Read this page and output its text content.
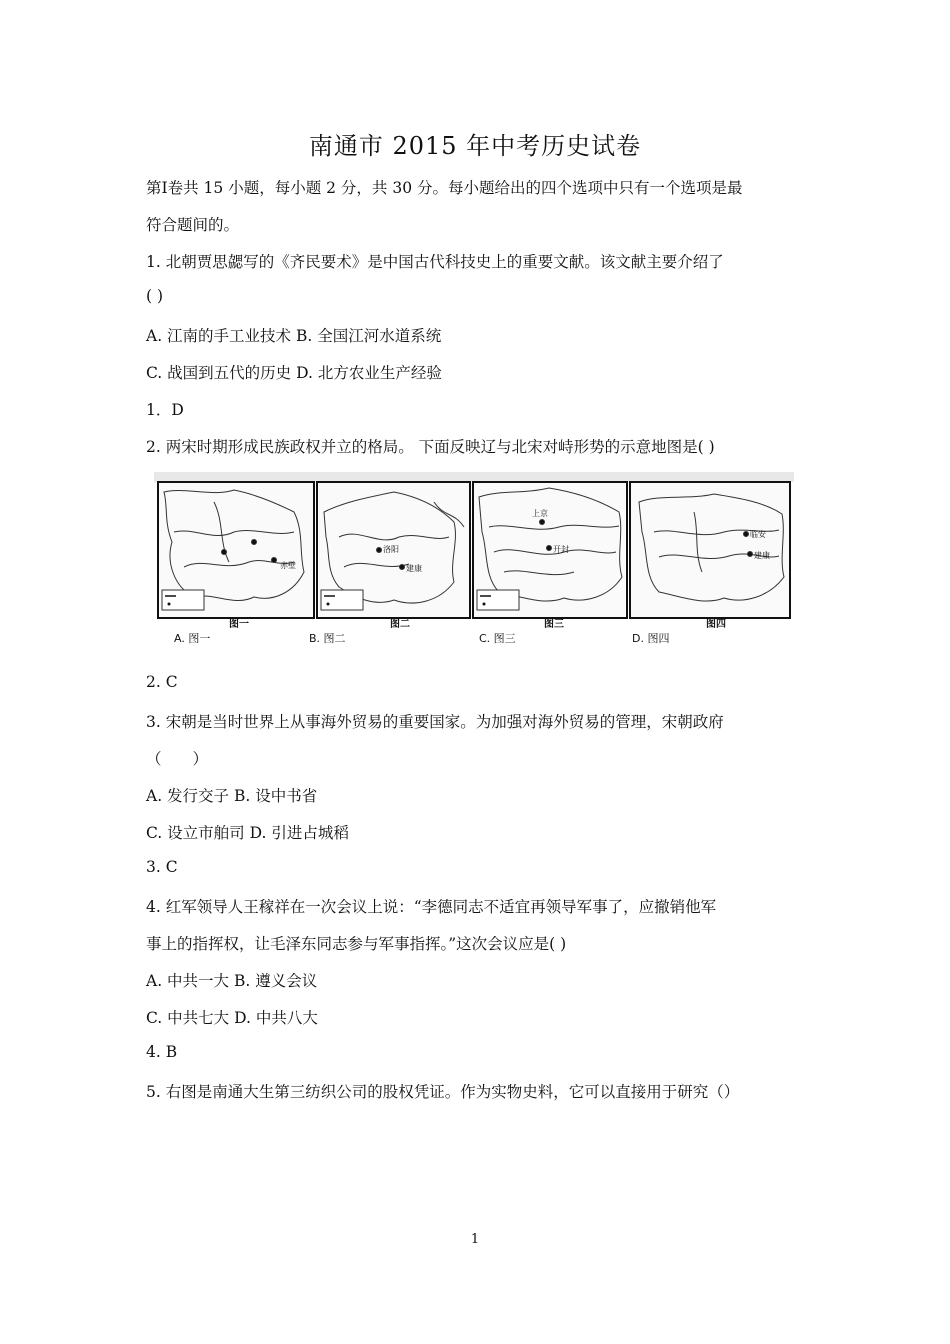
南通市 2015 年中考历史试卷
第Ⅰ卷共 15 小题，每小题 2 分，共 30 分。每小题给出的四个选项中只有一个选项是最
符合题间的。
1. 北朝贾思勰写的《齐民要术》是中国古代科技史上的重要文献。该文献主要介绍了
( )
A. 江南的手工业技术 B. 全国江河水道系统
C. 战国到五代的历史 D. 北方农业生产经验
1．D
2. 两宋时期形成民族政权并立的格局。 下面反映辽与北宋对峙形势的示意地图是( )
赤壁
洛阳
建康
上京
开封
临安
建康
图一	图二	图三	图四
A. 图一	B. 图二	C. 图三	D. 图四
2. C
3. 宋朝是当时世界上从事海外贸易的重要国家。为加强对海外贸易的管理，宋朝政府
（　　）
A. 发行交子 B. 设中书省
C. 设立市舶司 D. 引进占城稻
3. C
4. 红军领导人王稼祥在一次会议上说：“李德同志不适宜再领导军事了，应撤销他军
事上的指挥权，让毛泽东同志参与军事指挥。”这次会议应是( )
A. 中共一大 B. 遵义会议
C. 中共七大 D. 中共八大
4. B
5. 右图是南通大生第三纺织公司的股权凭证。作为实物史料，它可以直接用于研究（）
1
